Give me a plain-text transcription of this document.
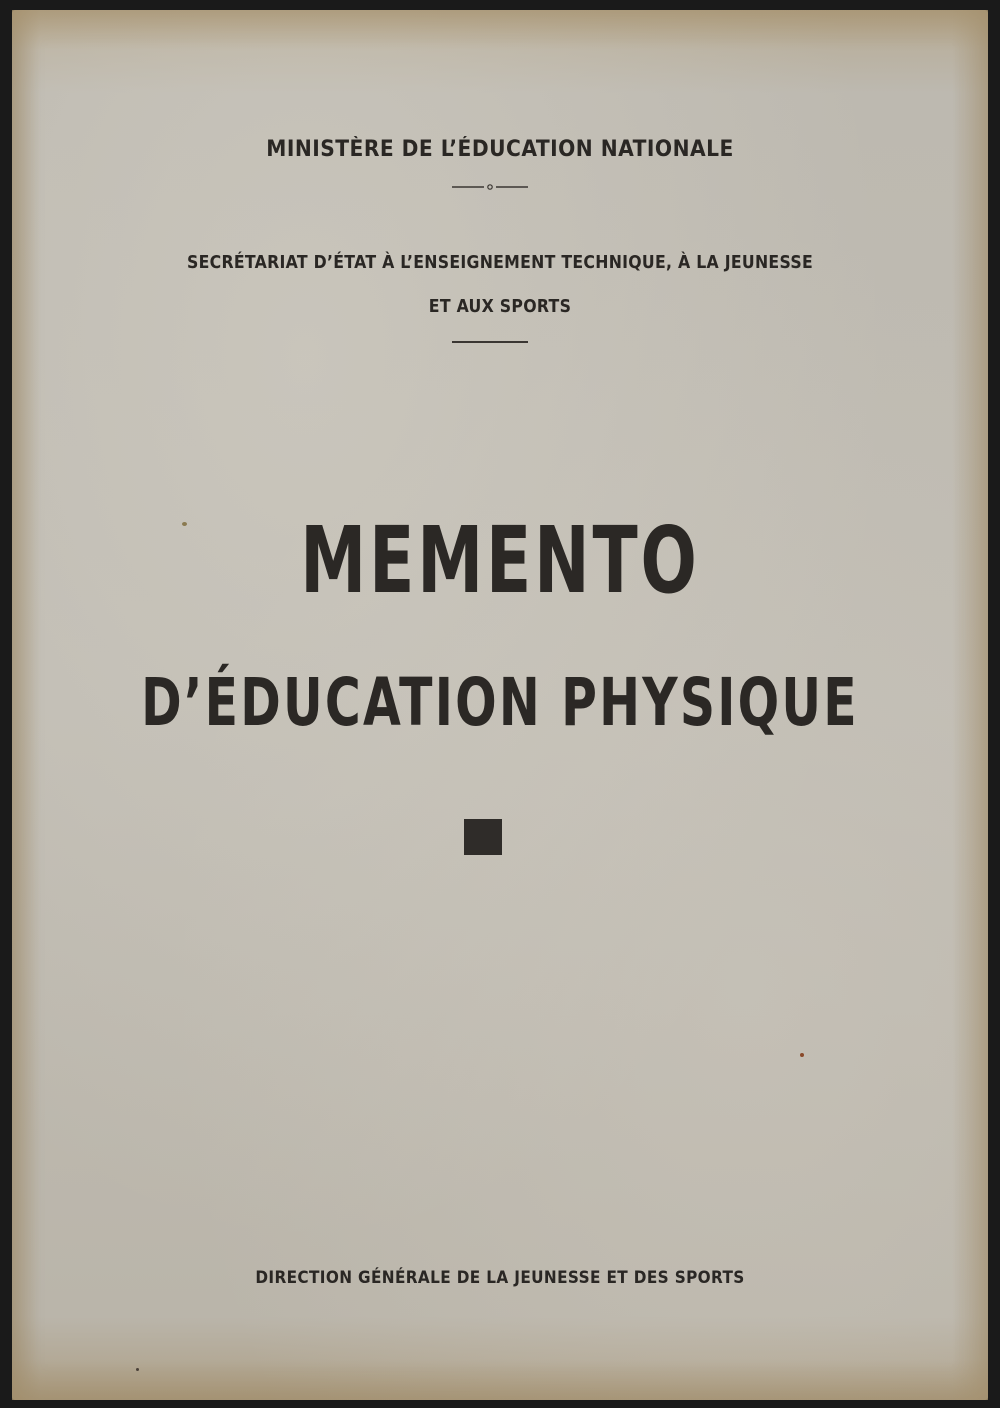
MINISTÈRE DE L’ÉDUCATION NATIONALE
SECRÉTARIAT D’ÉTAT À L’ENSEIGNEMENT TECHNIQUE, À LA JEUNESSE
ET AUX SPORTS
MEMENTO
D’ÉDUCATION PHYSIQUE
DIRECTION GÉNÉRALE DE LA JEUNESSE ET DES SPORTS
